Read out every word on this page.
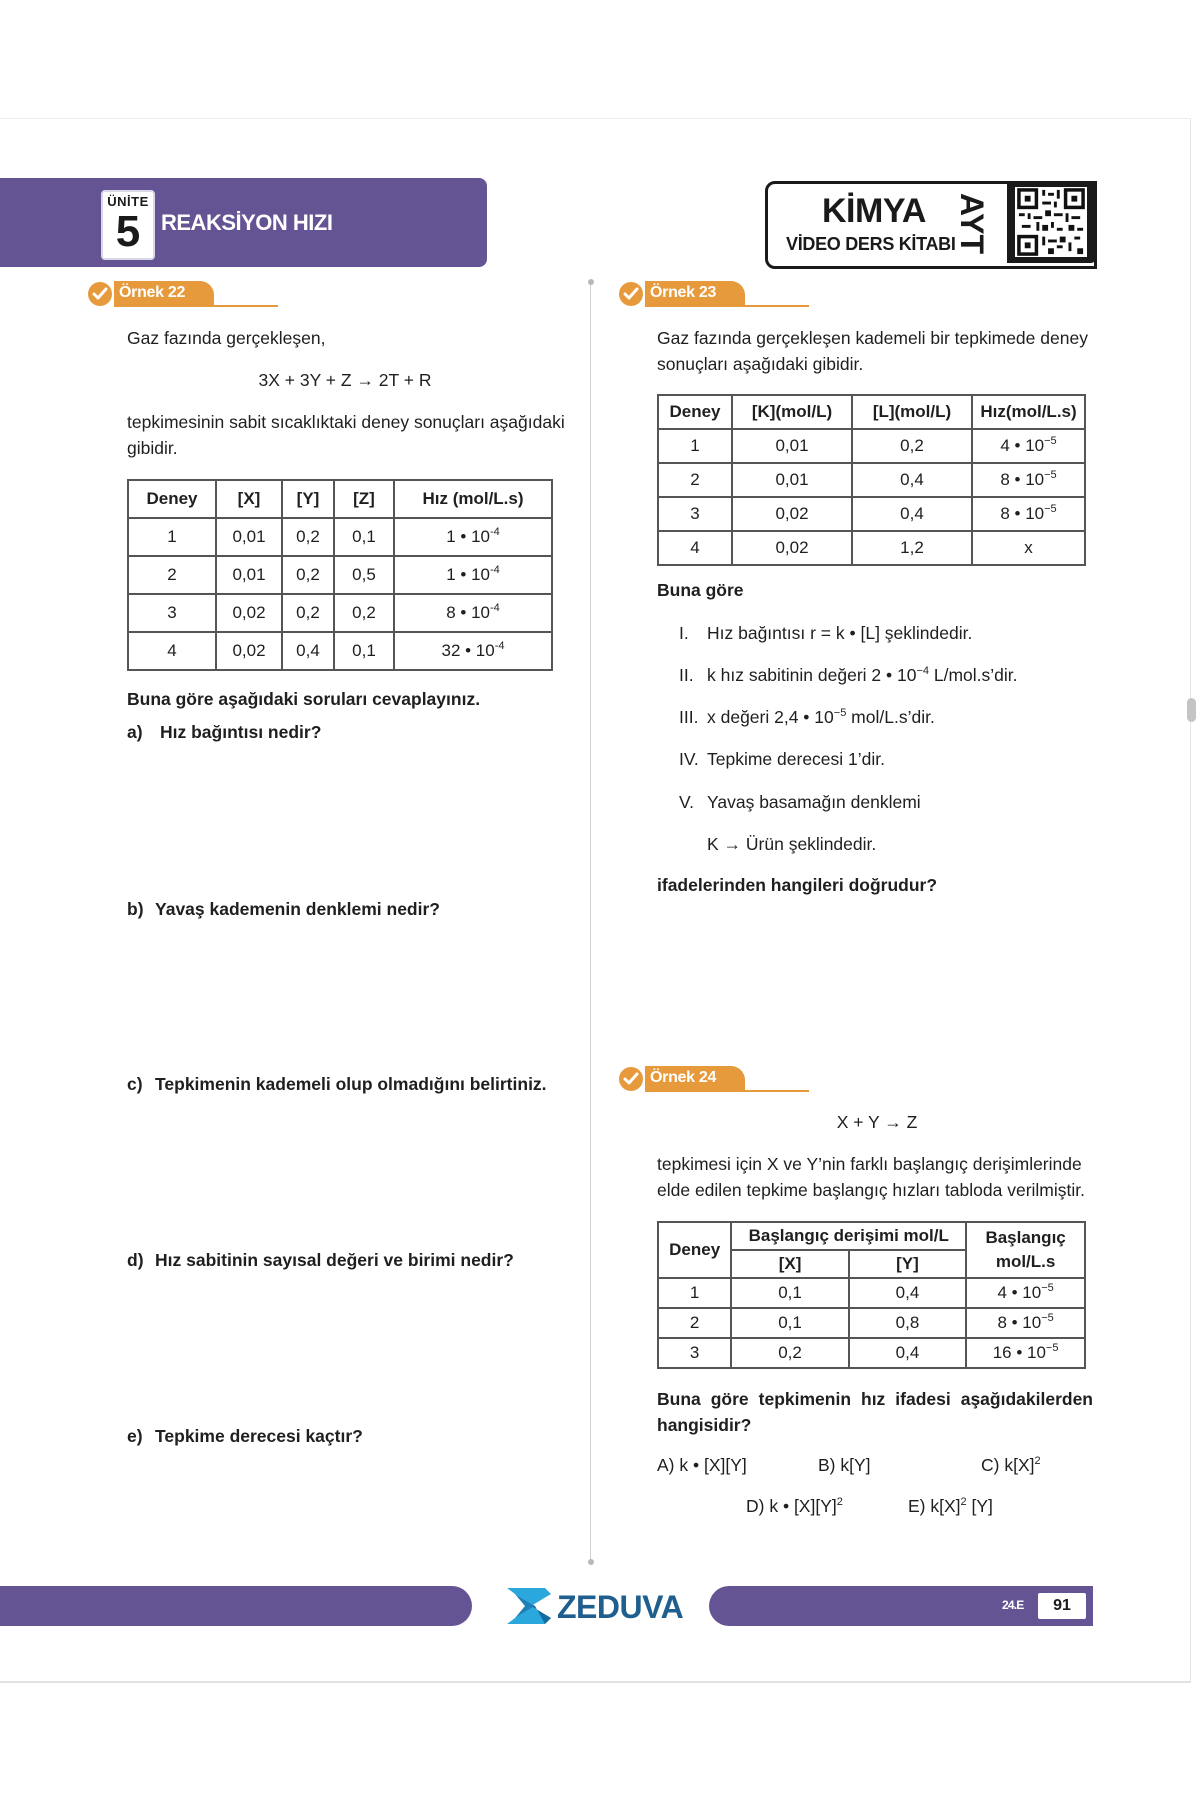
ÜNİTE
5 REAKSİYON HIZI	KİMYA
VİDEO DERS KİTABI
AYT
Örnek 22
Gaz fazında gerçekleşen,
3X + 3Y + Z → 2T + R
tepkimesinin sabit sıcaklıktaki deney sonuçları aşağıdaki gibidir.
Deney	[X]	[Y]	[Z]	Hız (mol/L.s)
1	0,01	0,2	0,1	1 • $10^{-4}$
2	0,01	0,2	0,5	1 • $10^{-4}$
3	0,02	0,2	0,2	8 • $10^{-4}$
4	0,02	0,4	0,1	32 • $10^{-4}$
Buna göre aşağıdaki soruları cevaplayınız.
a) Hız bağıntısı nedir?
b) Yavaş kademenin denklemi nedir?
c) Tepkimenin kademeli olup olmadığını belirtiniz.
d) Hız sabitinin sayısal değeri ve birimi nedir?
e) Tepkime derecesi kaçtır?
Örnek 23
Gaz fazında gerçekleşen kademeli bir tepkimede deney sonuçları aşağıdaki gibidir.
Deney	[K](mol/L)	[L](mol/L)	Hız(mol/L.s)
1	0,01	0,2	4 • $10^{-5}$
2	0,01	0,4	8 • $10^{-5}$
3	0,02	0,4	8 • $10^{-5}$
4	0,02	1,2	x
Buna göre
I. Hız bağıntısı r = k • [L] şeklindedir.
II. k hız sabitinin değeri 2 • $10^{-4}$ L/mol.s’dir.
III. x değeri 2,4 • $10^{-5}$ mol/L.s’dir.
IV. Tepkime derecesi 1’dir.
V. Yavaş basamağın denklemi
K → Ürün şeklindedir.
ifadelerinden hangileri doğrudur?
Örnek 24
X + Y → Z
tepkimesi için X ve Y’nin farklı başlangıç derişimlerinde elde edilen tepkime başlangıç hızları tabloda verilmiştir.
Deney	Başlangıç derişimi mol/L		Başlangıç
mol/L.s
	[X]	[Y]	
1	0,1	0,4	4 • $10^{-5}$
2	0,1	0,8	8 • $10^{-5}$
3	0,2	0,4	16 • $10^{-5}$
Buna göre tepkimenin hız ifadesi aşağıdakilerden hangisidir?
A) k • [X][Y]	B) k[Y]	C) $k[X]^2$
D) k • $[X][Y]^2$	E) $k[X]^2$ [Y]
ZEDUVA	24.E	91
